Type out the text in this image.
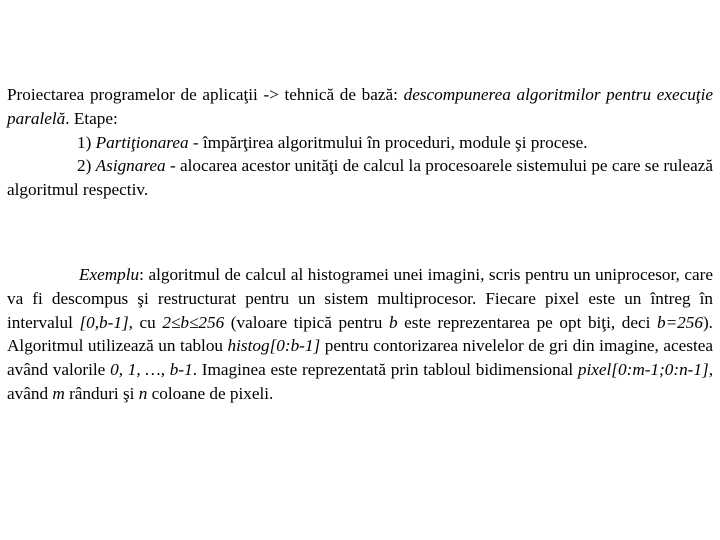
Proiectarea programelor de aplicaţii -> tehnică de bază: descompunerea algoritmilor pentru execuţie paralelă. Etape:
1) Partiţionarea - împărţirea algoritmului în proceduri, module şi procese.
2) Asignarea - alocarea acestor unităţi de calcul la procesoarele sistemului pe care se rulează algoritmul respectiv.
Exemplu: algoritmul de calcul al histogramei unei imagini, scris pentru un uniprocesor, care va fi descompus şi restructurat pentru un sistem multiprocesor. Fiecare pixel este un întreg în intervalul [0,b-1], cu 2≤b≤256 (valoare tipică pentru b este reprezentarea pe opt biţi, deci b=256). Algoritmul utilizează un tablou histog[0:b-1] pentru contorizarea nivelelor de gri din imagine, acestea având valorile 0, 1, …, b-1. Imaginea este reprezentată prin tabloul bidimensional pixel[0:m-1;0:n-1], având m rânduri şi n coloane de pixeli.
